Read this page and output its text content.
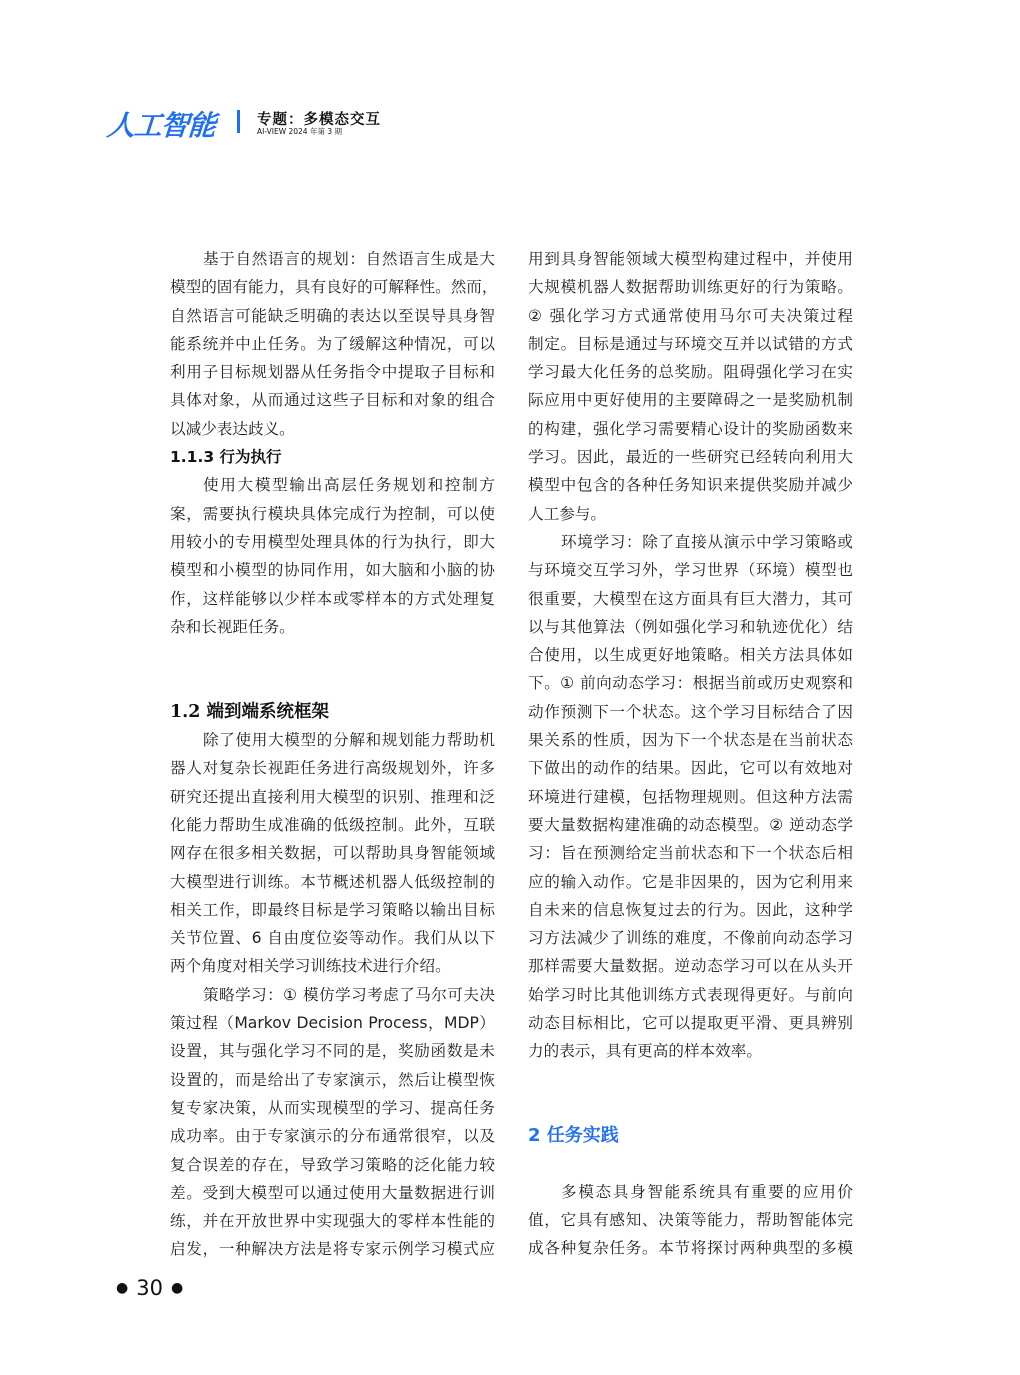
人工智能	专题：多模态交互
AI-VIEW 2024 年第 3 期
基于自然语言的规划：自然语言生成是大
模型的固有能力，具有良好的可解释性。然而，
自然语言可能缺乏明确的表达以至误导具身智
能系统并中止任务。为了缓解这种情况，可以
利用子目标规划器从任务指令中提取子目标和
具体对象，从而通过这些子目标和对象的组合
以减少表达歧义。
1.1.3 行为执行
使用大模型输出高层任务规划和控制方
案，需要执行模块具体完成行为控制，可以使
用较小的专用模型处理具体的行为执行，即大
模型和小模型的协同作用，如大脑和小脑的协
作，这样能够以少样本或零样本的方式处理复
杂和长视距任务。
1.2 端到端系统框架
除了使用大模型的分解和规划能力帮助机
器人对复杂长视距任务进行高级规划外，许多
研究还提出直接利用大模型的识别、推理和泛
化能力帮助生成准确的低级控制。此外，互联
网存在很多相关数据，可以帮助具身智能领域
大模型进行训练。本节概述机器人低级控制的
相关工作，即最终目标是学习策略以输出目标
关节位置、6 自由度位姿等动作。我们从以下
两个角度对相关学习训练技术进行介绍。
策略学习：① 模仿学习考虑了马尔可夫决
策过程（Markov Decision Process，MDP）
设置，其与强化学习不同的是，奖励函数是未
设置的，而是给出了专家演示，然后让模型恢
复专家决策，从而实现模型的学习、提高任务
成功率。由于专家演示的分布通常很窄，以及
复合误差的存在，导致学习策略的泛化能力较
差。受到大模型可以通过使用大量数据进行训
练，并在开放世界中实现强大的零样本性能的
启发，一种解决方法是将专家示例学习模式应
用到具身智能领域大模型构建过程中，并使用
大规模机器人数据帮助训练更好的行为策略。
② 强化学习方式通常使用马尔可夫决策过程
制定。目标是通过与环境交互并以试错的方式
学习最大化任务的总奖励。阻碍强化学习在实
际应用中更好使用的主要障碍之一是奖励机制
的构建，强化学习需要精心设计的奖励函数来
学习。因此，最近的一些研究已经转向利用大
模型中包含的各种任务知识来提供奖励并减少
人工参与。
环境学习：除了直接从演示中学习策略或
与环境交互学习外，学习世界（环境）模型也
很重要，大模型在这方面具有巨大潜力，其可
以与其他算法（例如强化学习和轨迹优化）结
合使用，以生成更好地策略。相关方法具体如
下。① 前向动态学习：根据当前或历史观察和
动作预测下一个状态。这个学习目标结合了因
果关系的性质，因为下一个状态是在当前状态
下做出的动作的结果。因此，它可以有效地对
环境进行建模，包括物理规则。但这种方法需
要大量数据构建准确的动态模型。② 逆动态学
习：旨在预测给定当前状态和下一个状态后相
应的输入动作。它是非因果的，因为它利用来
自未来的信息恢复过去的行为。因此，这种学
习方法减少了训练的难度，不像前向动态学习
那样需要大量数据。逆动态学习可以在从头开
始学习时比其他训练方式表现得更好。与前向
动态目标相比，它可以提取更平滑、更具辨别
力的表示，具有更高的样本效率。
2 任务实践
多模态具身智能系统具有重要的应用价
值，它具有感知、决策等能力，帮助智能体完
成各种复杂任务。本节将探讨两种典型的多模
● 30 ●
